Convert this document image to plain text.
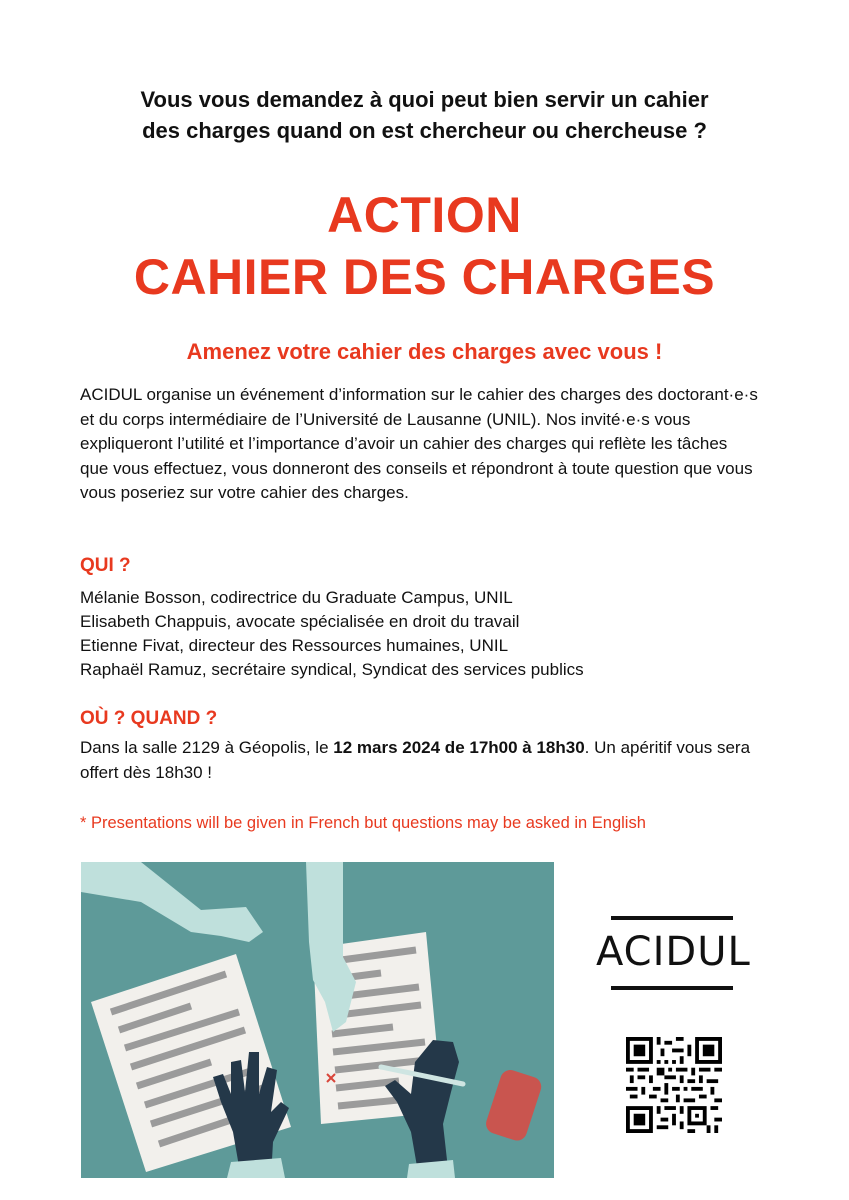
Vous vous demandez à quoi peut bien servir un cahier
des charges quand on est chercheur ou chercheuse ?
ACTION
CAHIER DES CHARGES
Amenez votre cahier des charges avec vous !
ACIDUL organise un événement d’information sur le cahier des charges des doctorant·e·s et du corps intermédiaire de l’Université de Lausanne (UNIL). Nos invité·e·s vous expliqueront l’utilité et l’importance d’avoir un cahier des charges qui reflète les tâches que vous effectuez, vous donneront des conseils et répondront à toute question que vous vous poseriez sur votre cahier des charges.
QUI ?
Mélanie Bosson, codirectrice du Graduate Campus, UNIL
Elisabeth Chappuis, avocate spécialisée en droit du travail
Etienne Fivat, directeur des Ressources humaines, UNIL
Raphaël Ramuz, secrétaire syndical, Syndicat des services publics
OÙ ? QUAND ?
Dans la salle 2129 à Géopolis, le 12 mars 2024 de 17h00 à 18h30. Un apéritif vous sera offert dès 18h30 !
* Presentations will be given in French but questions may be asked in English
ACIDUL
